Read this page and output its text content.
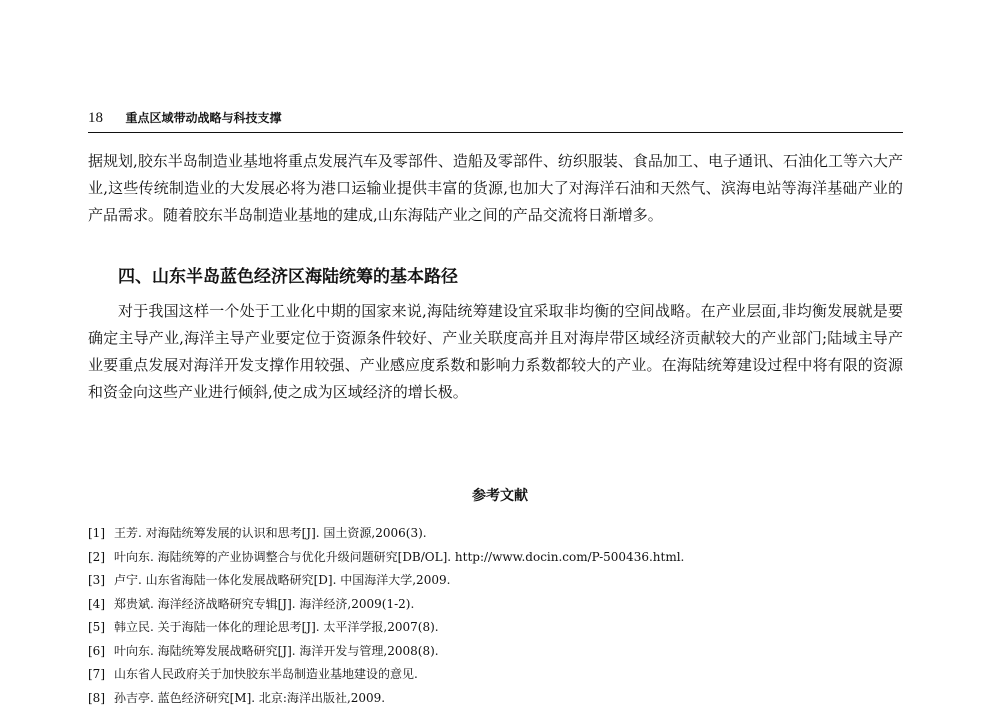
18 重点区域带动战略与科技支撑

据规划,胶东半岛制造业基地将重点发展汽车及零部件、造船及零部件、纺织服装、食品加工、电子通讯、石油化工等六大产业,这些传统制造业的大发展必将为港口运输业提供丰富的货源,也加大了对海洋石油和天然气、滨海电站等海洋基础产业的产品需求。随着胶东半岛制造业基地的建成,山东海陆产业之间的产品交流将日渐增多。

四、山东半岛蓝色经济区海陆统筹的基本路径

对于我国这样一个处于工业化中期的国家来说,海陆统筹建设宜采取非均衡的空间战略。在产业层面,非均衡发展就是要确定主导产业,海洋主导产业要定位于资源条件较好、产业关联度高并且对海岸带区域经济贡献较大的产业部门;陆域主导产业要重点发展对海洋开发支撑作用较强、产业感应度系数和影响力系数都较大的产业。在海陆统筹建设过程中将有限的资源和资金向这些产业进行倾斜,使之成为区域经济的增长极。

参考文献
[1] 王芳. 对海陆统筹发展的认识和思考[J]. 国土资源,2006(3).
[2] 叶向东. 海陆统筹的产业协调整合与优化升级问题研究[DB/OL]. http://www.docin.com/P-500436.html.
[3] 卢宁. 山东省海陆一体化发展战略研究[D]. 中国海洋大学,2009.
[4] 郑贵斌. 海洋经济战略研究专辑[J]. 海洋经济,2009(1-2).
[5] 韩立民. 关于海陆一体化的理论思考[J]. 太平洋学报,2007(8).
[6] 叶向东. 海陆统筹发展战略研究[J]. 海洋开发与管理,2008(8).
[7] 山东省人民政府关于加快胶东半岛制造业基地建设的意见.
[8] 孙吉亭. 蓝色经济研究[M]. 北京:海洋出版社,2009.
